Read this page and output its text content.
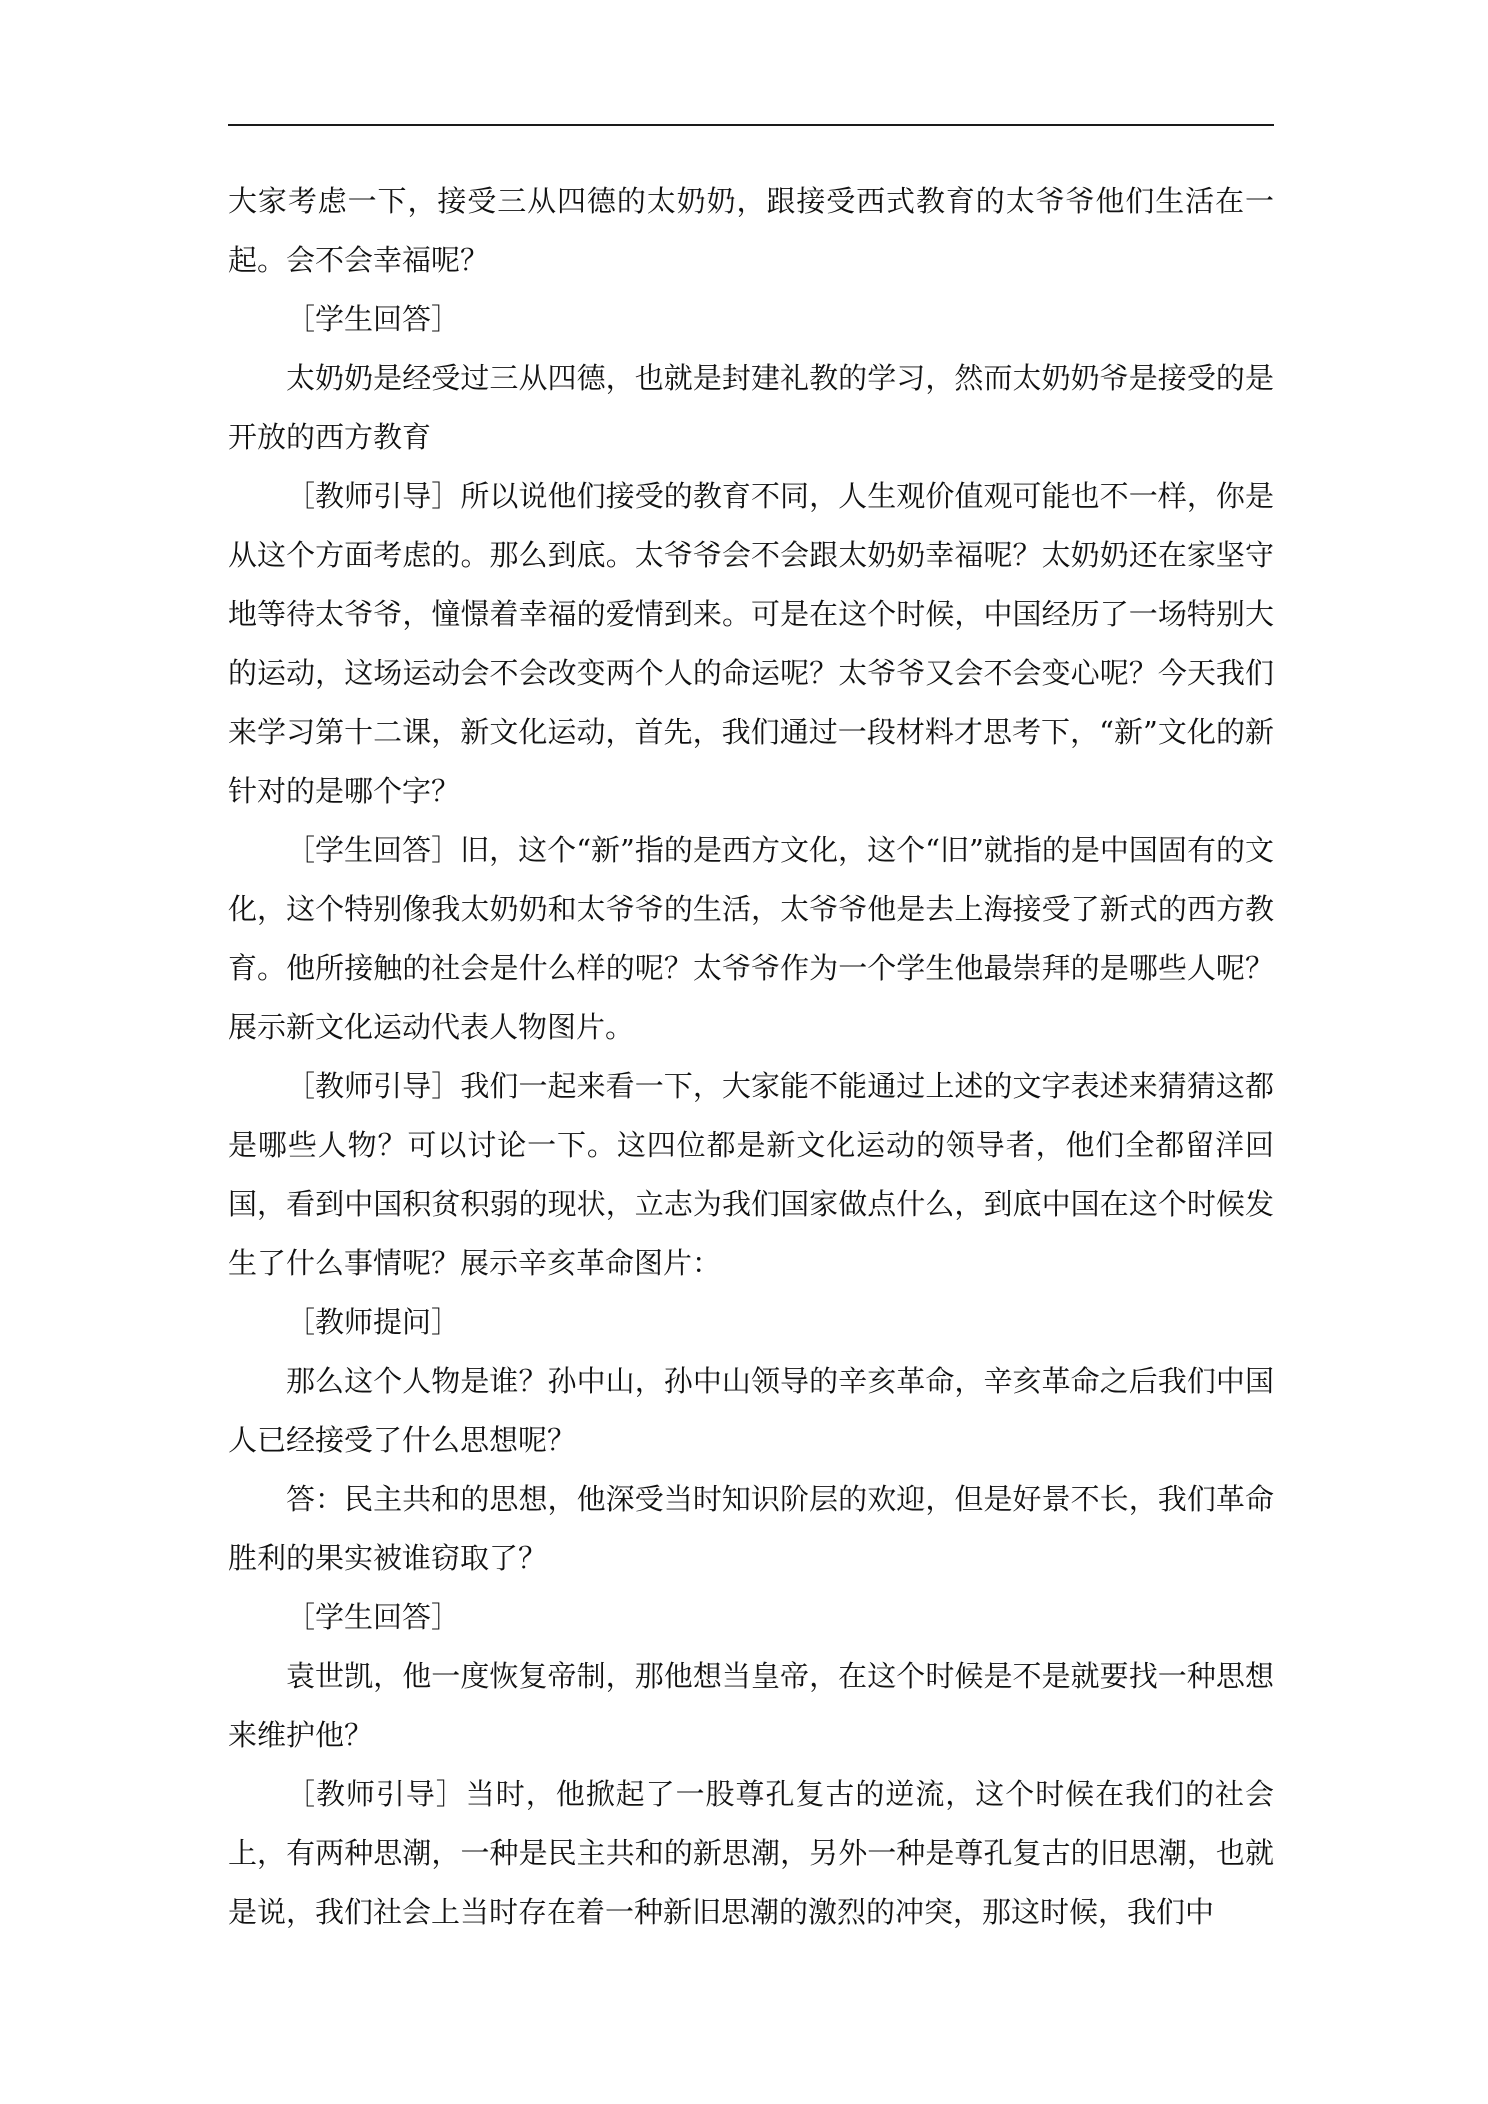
大家考虑一下，接受三从四德的太奶奶，跟接受西式教育的太爷爷他们生活在一起。会不会幸福呢？

［学生回答］

太奶奶是经受过三从四德，也就是封建礼教的学习，然而太奶奶爷是接受的是开放的西方教育

［教师引导］所以说他们接受的教育不同，人生观价值观可能也不一样，你是从这个方面考虑的。那么到底。太爷爷会不会跟太奶奶幸福呢？太奶奶还在家坚守地等待太爷爷，憧憬着幸福的爱情到来。可是在这个时候，中国经历了一场特别大的运动，这场运动会不会改变两个人的命运呢？太爷爷又会不会变心呢？今天我们来学习第十二课，新文化运动，首先，我们通过一段材料才思考下，“新”文化的新针对的是哪个字？

［学生回答］旧，这个“新”指的是西方文化，这个“旧”就指的是中国固有的文化，这个特别像我太奶奶和太爷爷的生活，太爷爷他是去上海接受了新式的西方教育。他所接触的社会是什么样的呢？太爷爷作为一个学生他最崇拜的是哪些人呢？展示新文化运动代表人物图片。

［教师引导］我们一起来看一下，大家能不能通过上述的文字表述来猜猜这都是哪些人物？可以讨论一下。这四位都是新文化运动的领导者，他们全都留洋回国，看到中国积贫积弱的现状，立志为我们国家做点什么，到底中国在这个时候发生了什么事情呢？展示辛亥革命图片：

［教师提问］

那么这个人物是谁？孙中山，孙中山领导的辛亥革命，辛亥革命之后我们中国人已经接受了什么思想呢？

答：民主共和的思想，他深受当时知识阶层的欢迎，但是好景不长，我们革命胜利的果实被谁窃取了？

［学生回答］

袁世凯，他一度恢复帝制，那他想当皇帝，在这个时候是不是就要找一种思想来维护他？

［教师引导］当时，他掀起了一股尊孔复古的逆流，这个时候在我们的社会上，有两种思潮，一种是民主共和的新思潮，另外一种是尊孔复古的旧思潮，也就是说，我们社会上当时存在着一种新旧思潮的激烈的冲突，那这时候，我们中
